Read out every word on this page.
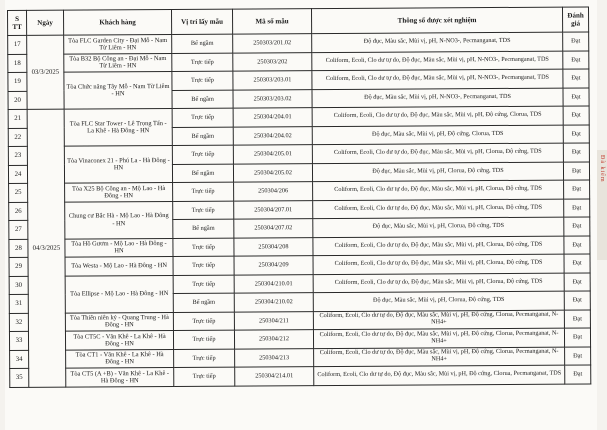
S TT	Ngày	Khách hàng	Vị trí lấy mẫu	Mã số mẫu	Thông số được xét nghiệm	Đánh giá
17	03/3/2025	Tòa FLC Garden City - Đại Mỗ - Nam Từ Liêm - HN	Bể ngầm	250303/201.02	Độ đục, Màu sắc, Mùi vị, pH, N-NO3-, Pecmanganat, TDS	Đạt
18		Tòa B32 Bộ Công an - Đại Mỗ - Nam Từ Liêm - HN	Trực tiếp	250303/202	Coliform, Ecoli, Clo dư tự do, Độ đục, Màu sắc, Mùi vị, pH, N-NO3-, Pecmanganat, TDS	Đạt
19		Tòa Chức năng Tây Mỗ - Nam Từ Liêm - HN	Trực tiếp	250303/203.01	Coliform, Ecoli, Clo dư tự do, Độ đục, Màu sắc, Mùi vị, pH, N-NO3-, Pecmanganat, TDS	Đạt
20			Bể ngầm	250303/203.02	Độ đục, Màu sắc, Mùi vị, pH, N-NO3-, Pecmanganat, TDS	Đạt
21	04/3/2025	Tòa FLC Star Tower - Lê Trọng Tấn - La Khê - Hà Đông - HN	Trực tiếp	250304/204.01	Coliform, Ecoli, Clo dư tự do, Độ đục, Màu sắc, Mùi vị, pH, Độ cứng, Clorua, TDS	Đạt
22			Bể ngầm	250304/204.02	Độ đục, Màu sắc, Mùi vị, pH, Độ cứng, Clorua, TDS	Đạt
23		Tòa Vinaconex 21 - Phú La - Hà Đông - HN	Trực tiếp	250304/205.01	Coliform, Ecoli, Clo dư tự do, Độ đục, Màu sắc, Mùi vị, pH, Clorua, Độ cứng, TDS	Đạt
24			Bể ngầm	250304/205.02	Độ đục, Màu sắc, Mùi vị, pH, Clorua, Độ cứng, TDS	Đạt
25		Tòa X25 Bộ Công an - Mộ Lao - Hà Đông - HN	Trực tiếp	250304/206	Coliform, Ecoli, Clo dư tự do, Độ đục, Màu sắc, Mùi vị, pH, Clorua, Độ cứng, TDS	Đạt
26		Chung cư Bắc Hà - Mộ Lao - Hà Đông - HN	Trực tiếp	250304/207.01	Coliform, Ecoli, Clo dư tự do, Độ đục, Màu sắc, Mùi vị, pH, Clorua, Độ cứng, TDS	Đạt
27			Bể ngầm	250304/207.02	Độ đục, Màu sắc, Mùi vị, pH, Clorua, Độ cứng, TDS	Đạt
28		Tòa Hồ Gươm - Mộ Lao - Hà Đông - HN	Trực tiếp	250304/208	Coliform, Ecoli, Clo dư tự do, Độ đục, Màu sắc, Mùi vị, pH, Clorua, Độ cứng, TDS	Đạt
29		Tòa Westa - Mộ Lao - Hà Đông - HN	Trực tiếp	250304/209	Coliform, Ecoli, Clo dư tự do, Độ đục, Màu sắc, Mùi vị, pH, Clorua, Độ cứng, TDS	Đạt
30		Tòa Ellipse - Mộ Lao - Hà Đông - HN	Trực tiếp	250304/210.01	Coliform, Ecoli, Clo dư tự do, Độ đục, Màu sắc, Mùi vị, pH, Clorua, Độ cứng, TDS	Đạt
31			Bể ngầm	250304/210.02	Độ đục, Màu sắc, Mùi vị, pH, Clorua, Độ cứng, TDS	Đạt
32		Tòa Thiên niên kỷ - Quang Trung - Hà Đông - HN	Trực tiếp	250304/211	Coliform, Ecoli, Clo dư tự do, Độ đục, Màu sắc, Mùi vị, pH, Độ cứng, Clorua, Pecmanganat, N-NH4+	Đạt
33		Tòa CT5C - Văn Khê - La Khê - Hà Đông - HN	Trực tiếp	250304/212	Coliform, Ecoli, Clo dư tự do, Độ đục, Màu sắc, Mùi vị, pH, Độ cứng, Clorua, Pecmanganat, N-NH4+	Đạt
34		Tòa CT1 - Văn Khê - La Khê - Hà Đông - HN	Trực tiếp	250304/213	Coliform, Ecoli, Clo dư tự do, Độ đục, Màu sắc, Mùi vị, pH, Độ cứng, Clorua, Pecmanganat, N-NH4+	Đạt
35		Tòa CT5 (A +B) - Văn Khê - La Khê - Hà Đông - HN	Trực tiếp	250304/214.01	Coliform, Ecoli, Clo dư tự do, Độ đục, Màu sắc, Mùi vị, pH, Độ cứng, Clorua, Pecmanganat, TDS	Đạt
Đã kiểm
